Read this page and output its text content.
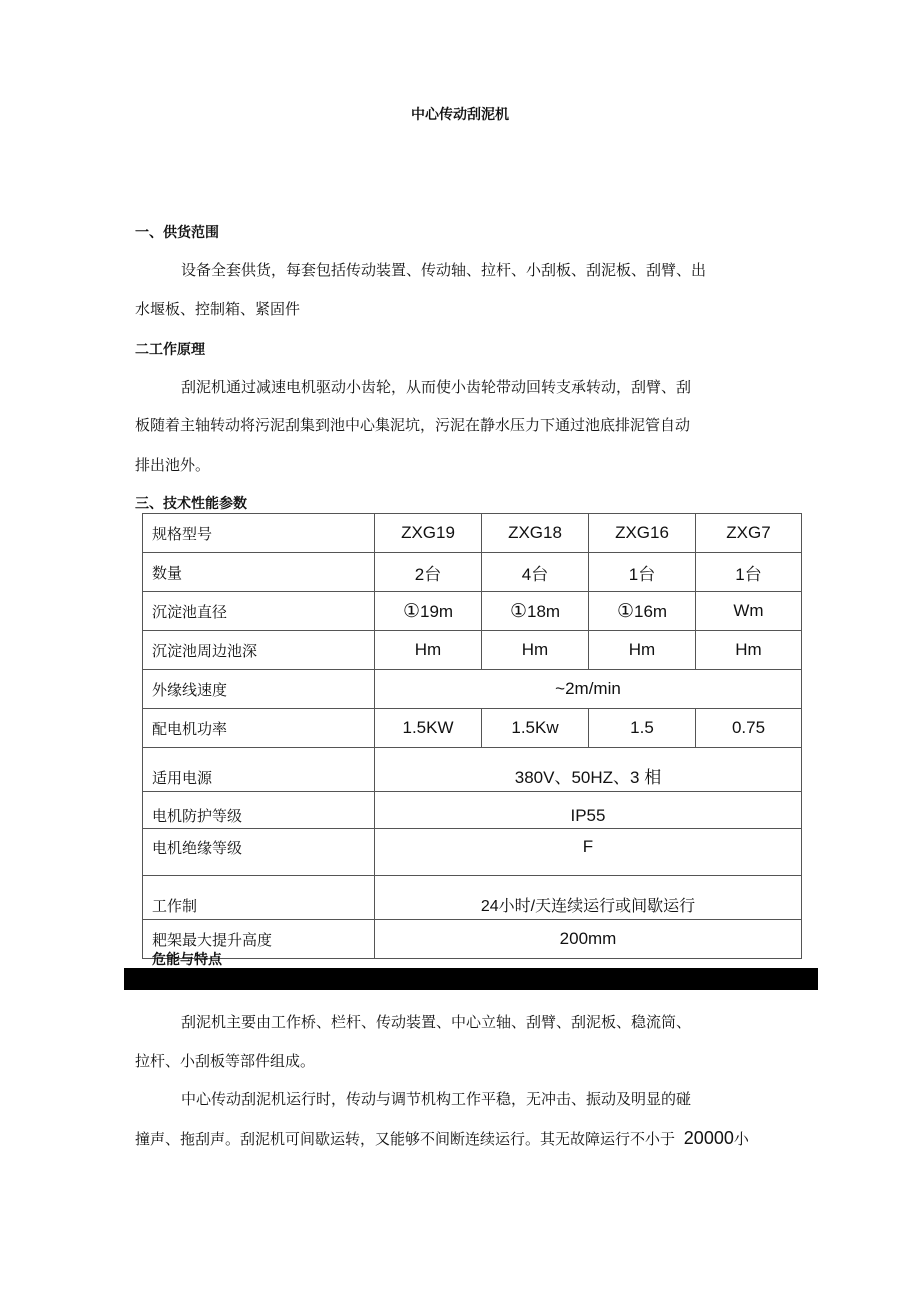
中心传动刮泥机
一、供货范围
设备全套供货，每套包括传动装置、传动轴、拉杆、小刮板、刮泥板、刮臂、出
水堰板、控制箱、紧固件
二工作原理
刮泥机通过减速电机驱动小齿轮，从而使小齿轮带动回转支承转动，刮臂、刮
板随着主轴转动将污泥刮集到池中心集泥坑，污泥在静水压力下通过池底排泥管自动
排出池外。
三、技术性能参数
规格型号	ZXG19	ZXG18	ZXG16	ZXG7
数量	2台	4台	1台	1台
沉淀池直径	①19m	①18m	①16m	Wm
沉淀池周边池深	Hm	Hm	Hm	Hm
外缘线速度	~2m/min			
配电机功率	1.5KW	1.5Kw	1.5	0.75
适用电源	380V、50HZ、3 相			
电机防护等级	IP55			
电机绝缘等级	F			
工作制	24小时/天连续运行或间歇运行			
耙架最大提升高度	200mm			
危能与特点
刮泥机主要由工作桥、栏杆、传动装置、中心立轴、刮臂、刮泥板、稳流筒、
拉杆、小刮板等部件组成。
中心传动刮泥机运行时，传动与调节机构工作平稳，无冲击、振动及明显的碰
撞声、拖刮声。刮泥机可间歇运转，又能够不间断连续运行。其无故障运行不小于 20000小
